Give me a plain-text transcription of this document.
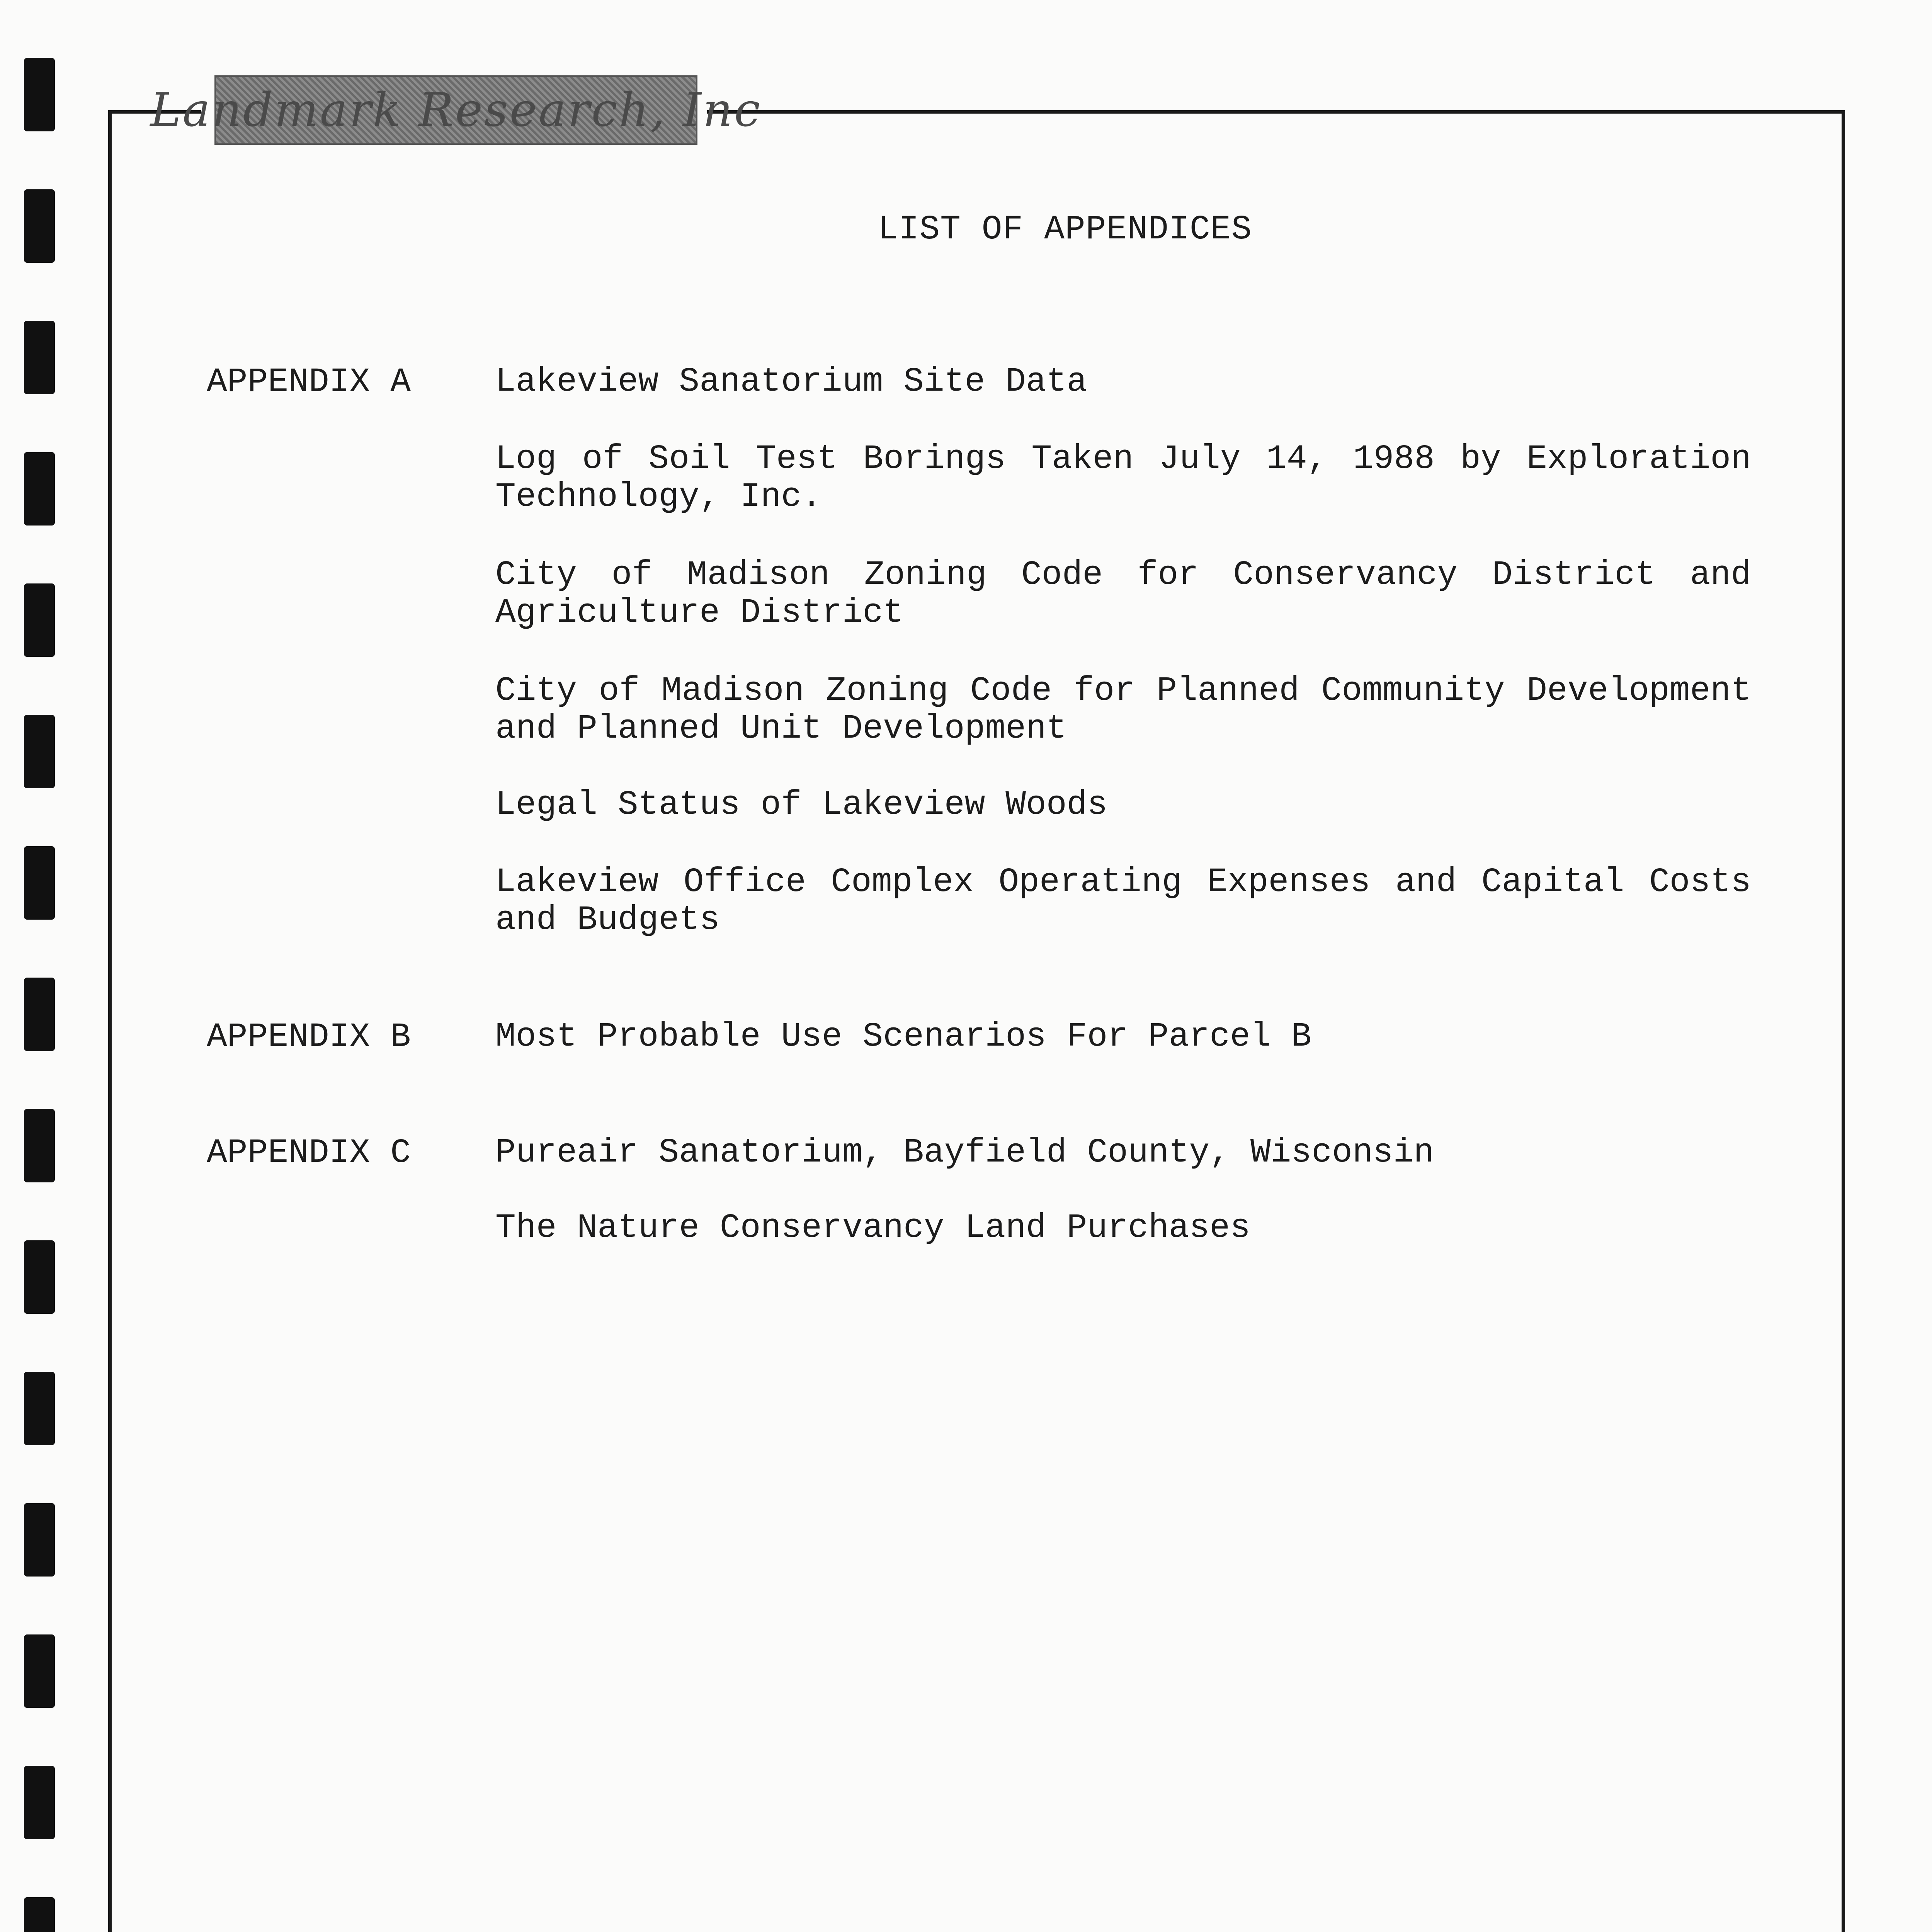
Landmark Research, Inc
LIST OF APPENDICES
APPENDIX A Lakeview Sanatorium Site Data
Log of Soil Test Borings Taken July 14, 1988 by Exploration Technology, Inc.
City of Madison Zoning Code for Conservancy District and Agriculture District
City of Madison Zoning Code for Planned Community Development and Planned Unit Development
Legal Status of Lakeview Woods
Lakeview Office Complex Operating Expenses and Capital Costs and Budgets
APPENDIX B Most Probable Use Scenarios For Parcel B
APPENDIX C Pureair Sanatorium, Bayfield County, Wisconsin
The Nature Conservancy Land Purchases
